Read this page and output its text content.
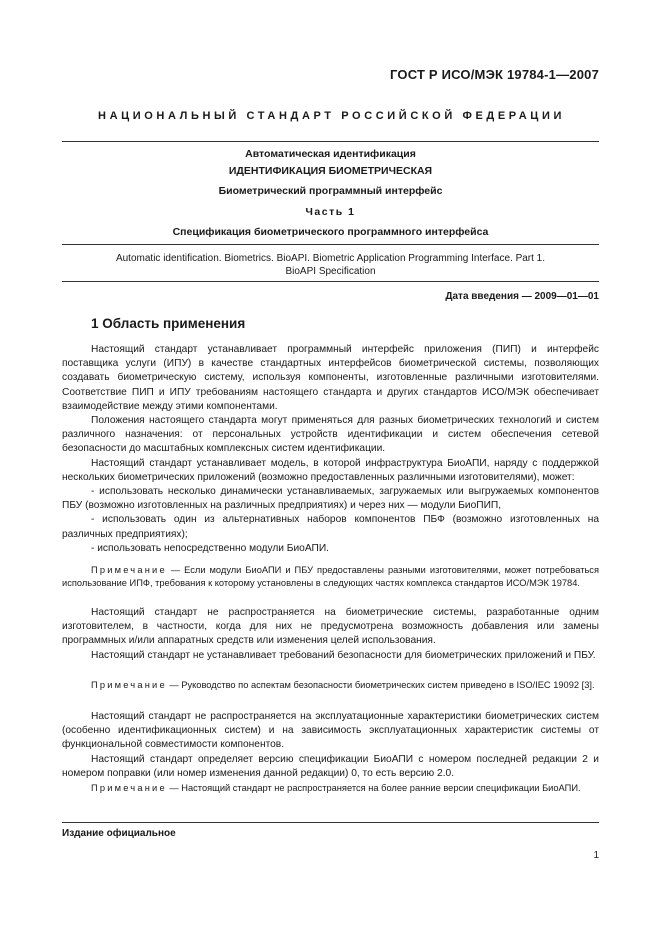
ГОСТ Р ИСО/МЭК 19784-1—2007
НАЦИОНАЛЬНЫЙ СТАНДАРТ РОССИЙСКОЙ ФЕДЕРАЦИИ
Автоматическая идентификация
ИДЕНТИФИКАЦИЯ БИОМЕТРИЧЕСКАЯ
Биометрический программный интерфейс
Часть 1
Спецификация биометрического программного интерфейса
Automatic identification. Biometrics. BioAPI. Biometric Application Programming Interface. Part 1.
BioAPI Specification
Дата введения — 2009—01—01
1 Область применения

Настоящий стандарт устанавливает программный интерфейс приложения (ПИП) и интерфейс поставщика услуги (ИПУ) в качестве стандартных интерфейсов биометрической системы, позволяющих создавать биометрическую систему, используя компоненты, изготовленные различными изготовителями. Соответствие ПИП и ИПУ требованиям настоящего стандарта и других стандартов ИСО/МЭК обеспечивает взаимодействие между этими компонентами.

Положения настоящего стандарта могут применяться для разных биометрических технологий и систем различного назначения: от персональных устройств идентификации и систем обеспечения сетевой безопасности до масштабных комплексных систем идентификации.

Настоящий стандарт устанавливает модель, в которой инфраструктура БиоАПИ, наряду с поддержкой нескольких биометрических приложений (возможно предоставленных различными изготовителями), может:

- использовать несколько динамически устанавливаемых, загружаемых или выгружаемых компонентов ПБУ (возможно изготовленных на различных предприятиях) и через них — модули БиоПИП,

- использовать один из альтернативных наборов компонентов ПБФ (возможно изготовленных на различных предприятиях);

- использовать непосредственно модули БиоАПИ.

Примечание — Если модули БиоАПИ и ПБУ предоставлены разными изготовителями, может потребоваться использование ИПФ, требования к которому установлены в следующих частях комплекса стандартов ИСО/МЭК 19784.

Настоящий стандарт не распространяется на биометрические системы, разработанные одним изготовителем, в частности, когда для них не предусмотрена возможность добавления или замены программных и/или аппаратных средств или изменения целей использования.

Настоящий стандарт не устанавливает требований безопасности для биометрических приложений и ПБУ.

Примечание — Руководство по аспектам безопасности биометрических систем приведено в ISO/IEC 19092 [3].

Настоящий стандарт не распространяется на эксплуатационные характеристики биометрических систем (особенно идентификационных систем) и на зависимость эксплуатационных характеристик системы от функциональной совместимости компонентов.

Настоящий стандарт определяет версию спецификации БиоАПИ с номером последней редакции 2 и номером поправки (или номер изменения данной редакции) 0, то есть версию 2.0.

Примечание — Настоящий стандарт не распространяется на более ранние версии спецификации БиоАПИ.

Издание официальное
1
